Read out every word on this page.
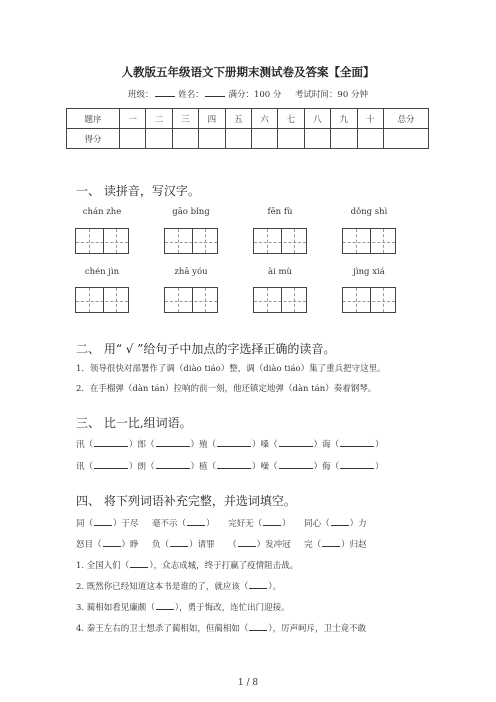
人教版五年级语文下册期末测试卷及答案【全面】
班级：	姓名：	满分：100 分 考试时间：90 分钟
题序	一	二	三	四	五	六	七	八	九	十	总分
得分											
一、 读拼音，写汉字。
chán zhe	gāo bǐng	fēn fù	dǒng shì
chén jìn	zhā yóu	ài mù	jìng xiá
二、 用“ √ ”给句子中加点的字选择正确的读音。
1．领导很快对部署作了调（diào tiáo）整，调（diào tiáo）集了重兵把守这里。
2．在手榴弹（dàn tán）拉响的前一刻，他还镇定地弹（dàn tán）奏着钢琴。
三、 比一比,组词语。
汛（	）郎（	）殖（	）嗓（	）诲（	）
讯（	）朗（	）植（	）噪（	）侮（	）
四、 将下列词语补充完整，并选词填空。
同（ ）于尽 毫不示（ ） 完好无（ ） 同心（ ）力
怒目（ ）睁 负（ ）请罪 （ ）发冲冠 完（ ）归赵
1. 全国人们（ ），众志成城，终于打赢了疫情阻击战。
2. 既然你已经知道这本书是谁的了，就应该（ ）。
3. 蔺相如看见廉颇（ ），勇于悔改，连忙出门迎接。
4. 秦王左右的卫士想杀了蔺相如，但蔺相如（ ），厉声呵斥，卫士竟不敢
1 / 8
